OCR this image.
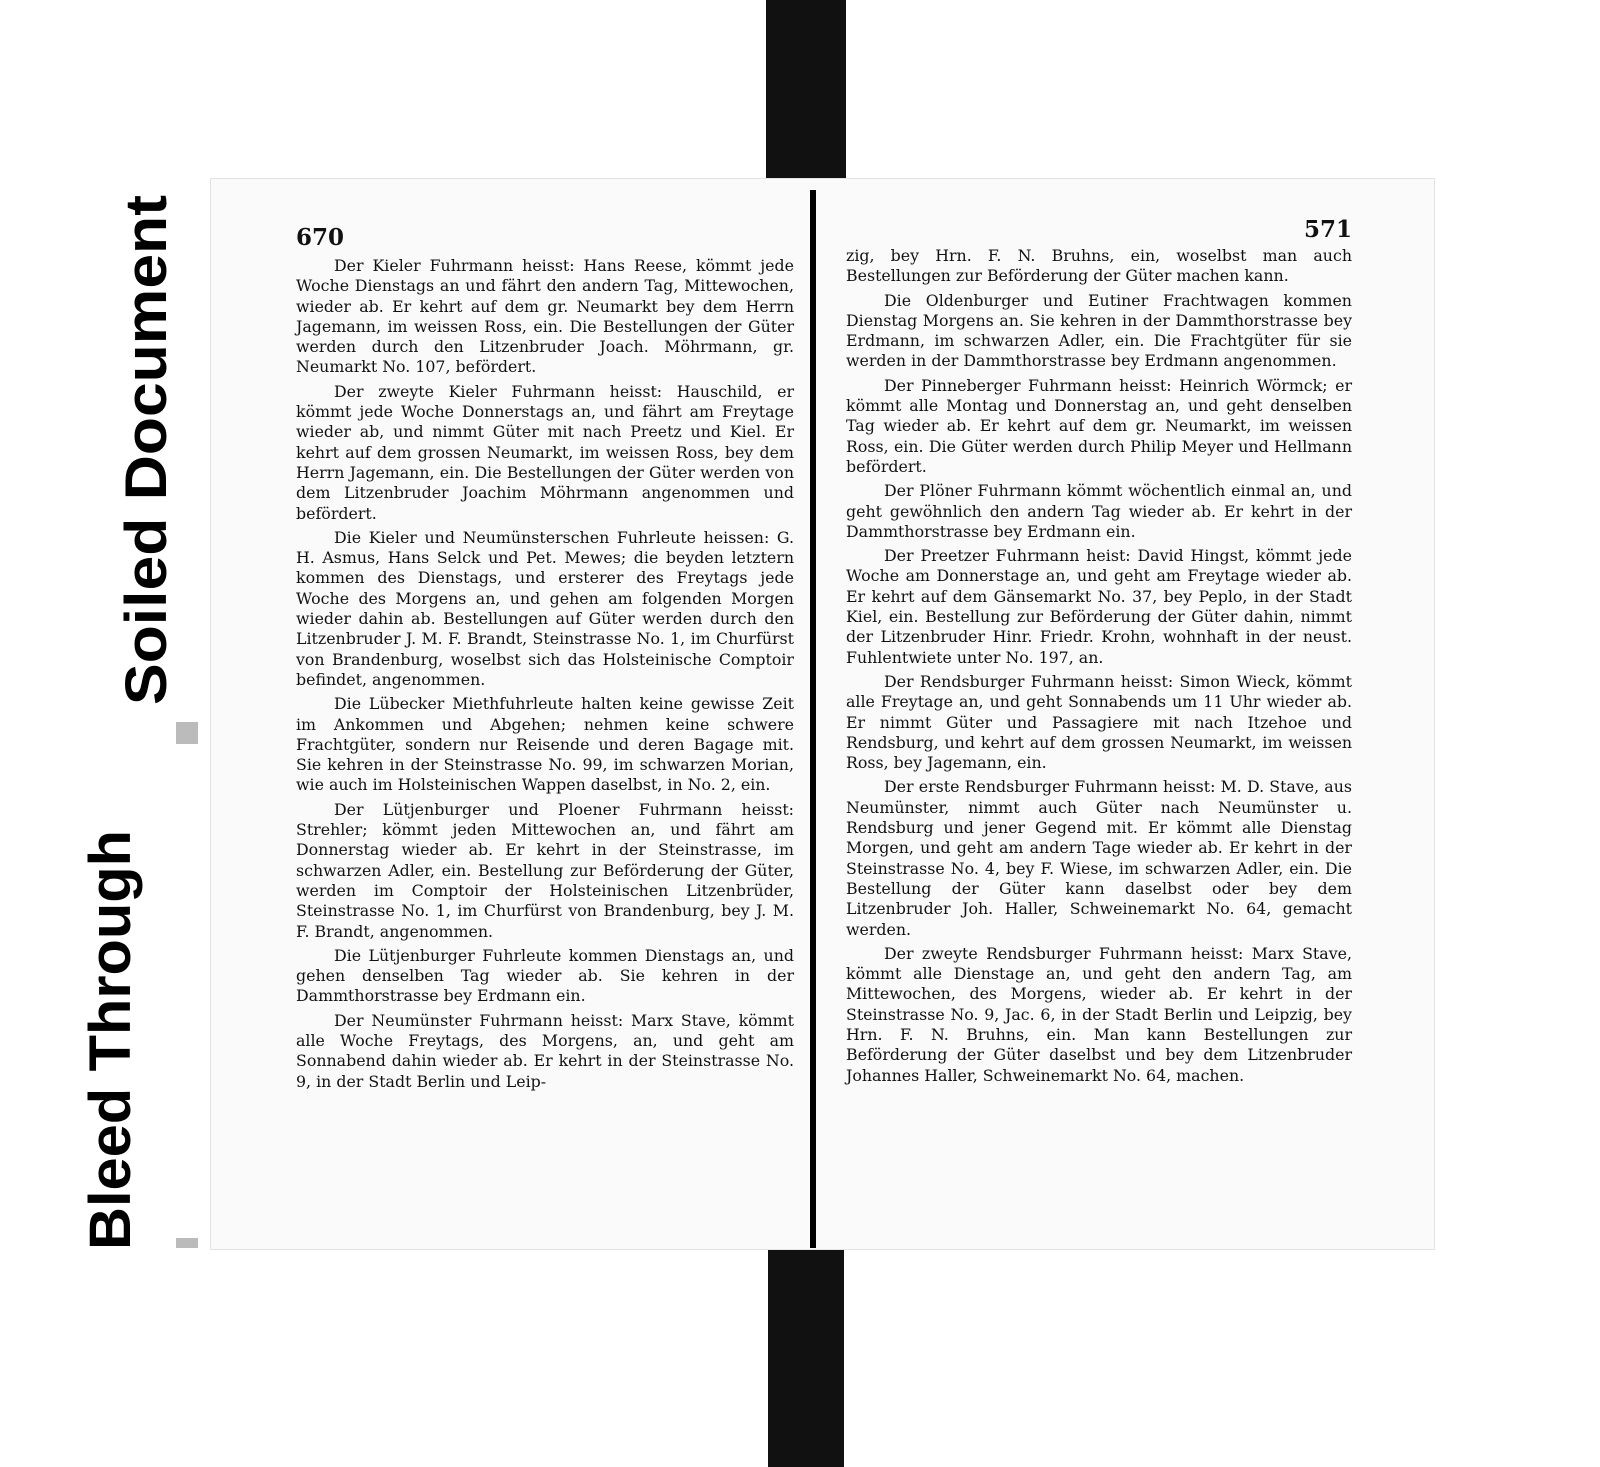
Bleed Through
Soiled Document	670

Der Kieler Fuhrmann heisst: Hans Reese, kömmt jede Woche Dienstags an und fährt den andern Tag, Mittewochen, wieder ab. Er kehrt auf dem gr. Neumarkt bey dem Herrn Jagemann, im weissen Ross, ein. Die Bestellungen der Güter werden durch den Litzenbruder Joach. Möhrmann, gr. Neumarkt No. 107, befördert.

Der zweyte Kieler Fuhrmann heisst: Hauschild, er kömmt jede Woche Donnerstags an, und fährt am Freytage wieder ab, und nimmt Güter mit nach Preetz und Kiel. Er kehrt auf dem grossen Neumarkt, im weissen Ross, bey dem Herrn Jagemann, ein. Die Bestellungen der Güter werden von dem Litzenbruder Joachim Möhrmann angenommen und befördert.

Die Kieler und Neumünsterschen Fuhrleute heissen: G. H. Asmus, Hans Selck und Pet. Mewes; die beyden letztern kommen des Dienstags, und ersterer des Freytags jede Woche des Morgens an, und gehen am folgenden Morgen wieder dahin ab. Bestellungen auf Güter werden durch den Litzenbruder J. M. F. Brandt, Steinstrasse No. 1, im Churfürst von Brandenburg, woselbst sich das Holsteinische Comptoir befindet, angenommen.

Die Lübecker Miethfuhrleute halten keine gewisse Zeit im Ankommen und Abgehen; nehmen keine schwere Frachtgüter, sondern nur Reisende und deren Bagage mit. Sie kehren in der Steinstrasse No. 99, im schwarzen Morian, wie auch im Holsteinischen Wappen daselbst, in No. 2, ein.

Der Lütjenburger und Ploener Fuhrmann heisst: Strehler; kömmt jeden Mittewochen an, und fährt am Donnerstag wieder ab. Er kehrt in der Steinstrasse, im schwarzen Adler, ein. Bestellung zur Beförderung der Güter, werden im Comptoir der Holsteinischen Litzenbrüder, Steinstrasse No. 1, im Churfürst von Brandenburg, bey J. M. F. Brandt, angenommen.

Die Lütjenburger Fuhrleute kommen Dienstags an, und gehen denselben Tag wieder ab. Sie kehren in der Dammthorstrasse bey Erdmann ein.

Der Neumünster Fuhrmann heisst: Marx Stave, kömmt alle Woche Freytags, des Morgens, an, und geht am Sonnabend dahin wieder ab. Er kehrt in der Steinstrasse No. 9, in der Stadt Berlin und Leip-

571

zig, bey Hrn. F. N. Bruhns, ein, woselbst man auch Bestellungen zur Beförderung der Güter machen kann.

Die Oldenburger und Eutiner Frachtwagen kommen Dienstag Morgens an. Sie kehren in der Dammthorstrasse bey Erdmann, im schwarzen Adler, ein. Die Frachtgüter für sie werden in der Dammthorstrasse bey Erdmann angenommen.

Der Pinneberger Fuhrmann heisst: Heinrich Wörmck; er kömmt alle Montag und Donnerstag an, und geht denselben Tag wieder ab. Er kehrt auf dem gr. Neumarkt, im weissen Ross, ein. Die Güter werden durch Philip Meyer und Hellmann befördert.

Der Plöner Fuhrmann kömmt wöchentlich einmal an, und geht gewöhnlich den andern Tag wieder ab. Er kehrt in der Dammthorstrasse bey Erdmann ein.

Der Preetzer Fuhrmann heist: David Hingst, kömmt jede Woche am Donnerstage an, und geht am Freytage wieder ab. Er kehrt auf dem Gänsemarkt No. 37, bey Peplo, in der Stadt Kiel, ein. Bestellung zur Beförderung der Güter dahin, nimmt der Litzenbruder Hinr. Friedr. Krohn, wohnhaft in der neust. Fuhlentwiete unter No. 197, an.

Der Rendsburger Fuhrmann heisst: Simon Wieck, kömmt alle Freytage an, und geht Sonnabends um 11 Uhr wieder ab. Er nimmt Güter und Passagiere mit nach Itzehoe und Rendsburg, und kehrt auf dem grossen Neumarkt, im weissen Ross, bey Jagemann, ein.

Der erste Rendsburger Fuhrmann heisst: M. D. Stave, aus Neumünster, nimmt auch Güter nach Neumünster u. Rendsburg und jener Gegend mit. Er kömmt alle Dienstag Morgen, und geht am andern Tage wieder ab. Er kehrt in der Steinstrasse No. 4, bey F. Wiese, im schwarzen Adler, ein. Die Bestellung der Güter kann daselbst oder bey dem Litzenbruder Joh. Haller, Schweinemarkt No. 64, gemacht werden.

Der zweyte Rendsburger Fuhrmann heisst: Marx Stave, kömmt alle Dienstage an, und geht den andern Tag, am Mittewochen, des Morgens, wieder ab. Er kehrt in der Steinstrasse No. 9, Jac. 6, in der Stadt Berlin und Leipzig, bey Hrn. F. N. Bruhns, ein. Man kann Bestellungen zur Beförderung der Güter daselbst und bey dem Litzenbruder Johannes Haller, Schweinemarkt No. 64, machen.
